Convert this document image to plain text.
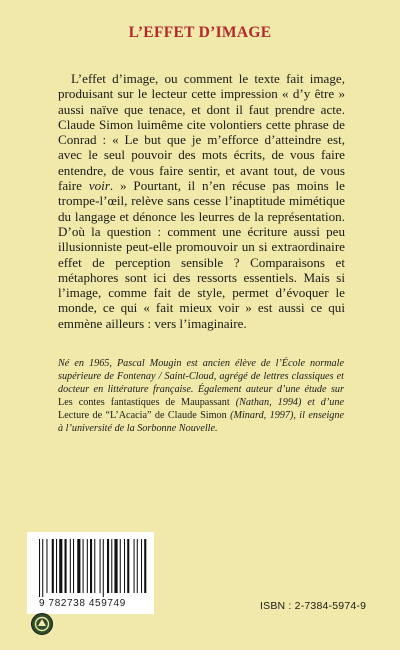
L’EFFET D’IMAGE

L’effet d’image, ou comment le texte fait image, produisant sur le lecteur cette impression « d’y être » aussi naïve que tenace, et dont il faut prendre acte. Claude Simon luimême cite volontiers cette phrase de Conrad : « Le but que je m’efforce d’atteindre est, avec le seul pouvoir des mots écrits, de vous faire entendre, de vous faire sentir, et avant tout, de vous faire voir. » Pourtant, il n’en récuse pas moins le trompe-l’œil, relève sans cesse l’inaptitude mimétique du langage et dénonce les leurres de la représentation. D’où la question : comment une écriture aussi peu illusionniste peut-elle promouvoir un si extraordinaire effet de perception sensible ? Comparaisons et métaphores sont ici des ressorts essentiels. Mais si l’image, comme fait de style, permet d’évoquer le monde, ce qui « fait mieux voir » est aussi ce qui emmène ailleurs : vers l’imaginaire.

Né en 1965, Pascal Mougin est ancien élève de l’École normale supérieure de Fontenay / Saint-Cloud, agrégé de lettres classiques et docteur en littérature française. Également auteur d’une étude sur Les contes fantastiques de Maupassant (Nathan, 1994) et d’une Lecture de “L’Acacia” de Claude Simon (Minard, 1997), il enseigne à l’université de la Sorbonne Nouvelle.

9 782738 459749	ISBN : 2-7384-5974-9
